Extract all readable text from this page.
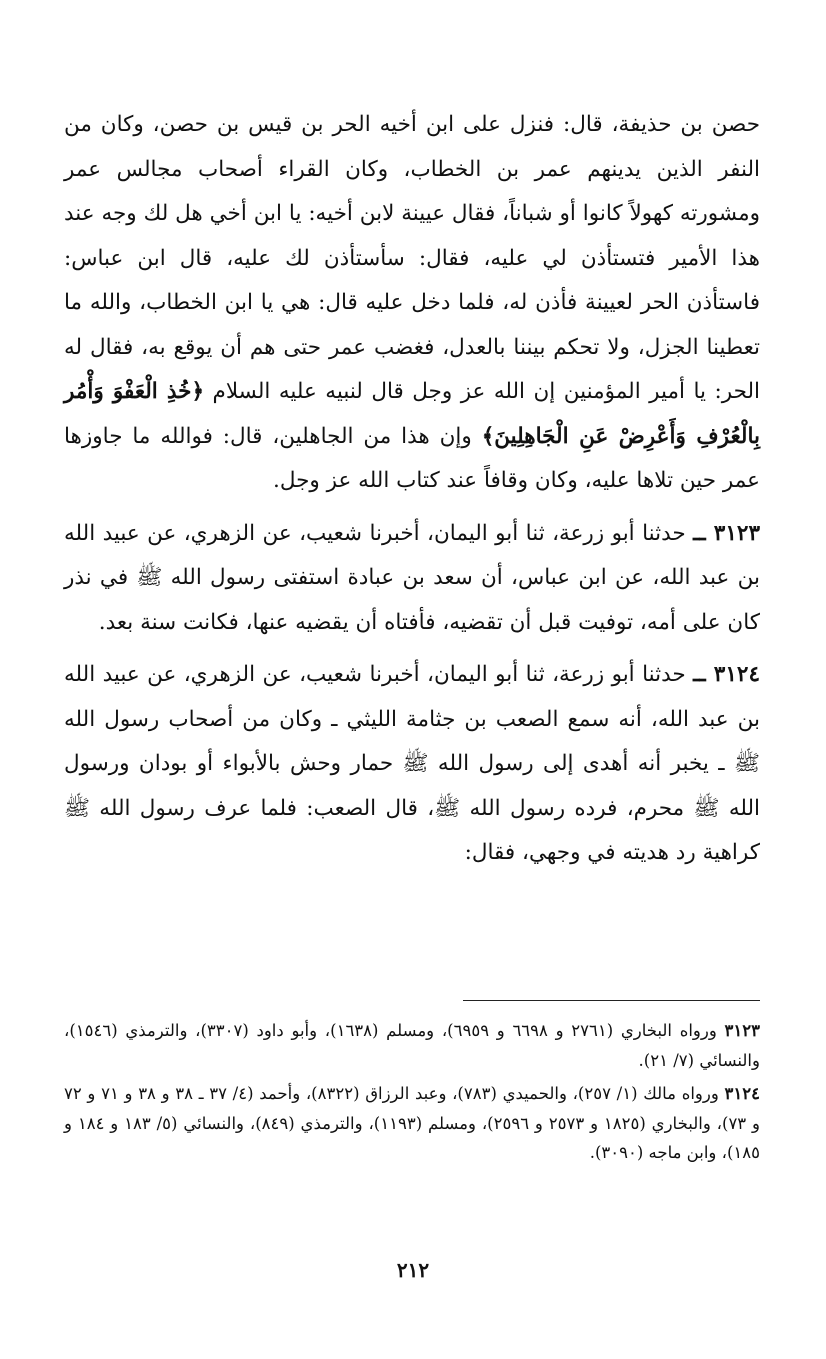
حصن بن حذيفة، قال: فنزل على ابن أخيه الحر بن قيس بن حصن، وكان من النفر الذين يدينهم عمر بن الخطاب، وكان القراء أصحاب مجالس عمر ومشورته كهولاً كانوا أو شباناً، فقال عيينة لابن أخيه: يا ابن أخي هل لك وجه عند هذا الأمير فتستأذن لي عليه، فقال: سأستأذن لك عليه، قال ابن عباس: فاستأذن الحر لعيينة فأذن له، فلما دخل عليه قال: هي يا ابن الخطاب، والله ما تعطينا الجزل، ولا تحكم بيننا بالعدل، فغضب عمر حتى هم أن يوقع به، فقال له الحر: يا أمير المؤمنين إن الله عز وجل قال لنبيه عليه السلام ﴿خُذِ الْعَفْوَ وَأْمُر بِالْعُرْفِ وَأَعْرِضْ عَنِ الْجَاهِلِينَ﴾ وإن هذا من الجاهلين، قال: فوالله ما جاوزها عمر حين تلاها عليه، وكان وقافاً عند كتاب الله عز وجل.

٣١٢٣ ــ حدثنا أبو زرعة، ثنا أبو اليمان، أخبرنا شعيب، عن الزهري، عن عبيد الله بن عبد الله، عن ابن عباس، أن سعد بن عبادة استفتى رسول الله ﷺ في نذر كان على أمه، توفيت قبل أن تقضيه، فأفتاه أن يقضيه عنها، فكانت سنة بعد.

٣١٢٤ ــ حدثنا أبو زرعة، ثنا أبو اليمان، أخبرنا شعيب، عن الزهري، عن عبيد الله بن عبد الله، أنه سمع الصعب بن جثامة الليثي ـ وكان من أصحاب رسول الله ﷺ ـ يخبر أنه أهدى إلى رسول الله ﷺ حمار وحش بالأبواء أو بودان ورسول الله ﷺ محرم، فرده رسول الله ﷺ، قال الصعب: فلما عرف رسول الله ﷺ كراهية رد هديته في وجهي، فقال:

٣١٢٣ ورواه البخاري (٢٧٦١ و ٦٦٩٨ و ٦٩٥٩)، ومسلم (١٦٣٨)، وأبو داود (٣٣٠٧)، والترمذي (١٥٤٦)، والنسائي (٧/ ٢١).

٣١٢٤ ورواه مالك (١/ ٢٥٧)، والحميدي (٧٨٣)، وعبد الرزاق (٨٣٢٢)، وأحمد (٤/ ٣٧ ـ ٣٨ و ٣٨ و ٧١ و ٧٢ و ٧٣)، والبخاري (١٨٢٥ و ٢٥٧٣ و ٢٥٩٦)، ومسلم (١١٩٣)، والترمذي (٨٤٩)، والنسائي (٥/ ١٨٣ و ١٨٤ و ١٨٥)، وابن ماجه (٣٠٩٠).

٢١٢
